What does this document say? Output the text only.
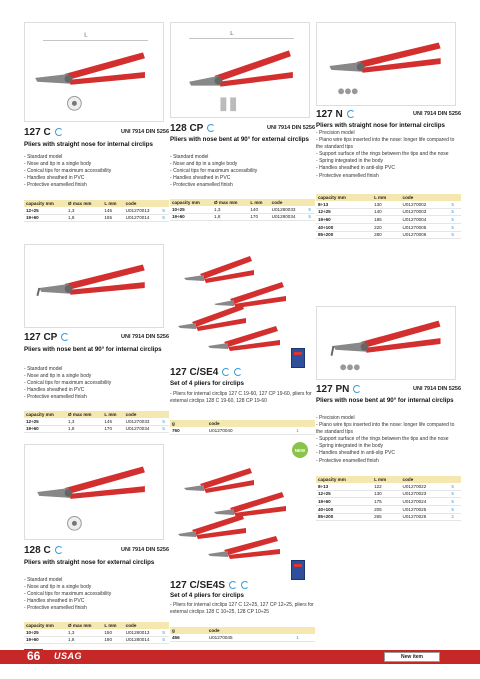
L
127 C	UNI 7914 DIN 5256
Pliers with straight nose for internal circlips
- Standard model
- Nose and tip in a single body
- Conical tips for maximum accessibility
- Handles sheathed in PVC
- Protective enamelled finish
capacity mm	Ø max mm	L mm	code	
12÷25	1,3	145	U01270013	5
19÷60	1,8	165	U01270014	5
127 CP	UNI 7914 DIN 5256
Pliers with nose bent at 90° for internal circlips
- Standard model
- Nose and tip in a single body
- Conical tips for maximum accessibility
- Handles sheathed in PVC
- Protective enamelled finish
capacity mm	Ø max mm	L mm	code	
12÷25	1,3	145	U01270033	5
19÷60	1,8	170	U01270034	5
128 C	UNI 7914 DIN 5256
Pliers with straight nose for external circlips
- Standard model
- Nose and tip in a single body
- Conical tips for maximum accessibility
- Handles sheathed in PVC
- Protective enamelled finish
capacity mm	Ø max mm	L mm	code	
10÷25	1,3	150	U01280013	5
19÷60	1,8	180	U01280014	5
L
128 CP	UNI 7914 DIN 5256
Pliers with nose bent at 90° for external circlips
- Standard model
- Nose and tip in a single body
- Conical tips for maximum accessibility
- Handles sheathed in PVC
- Protective enamelled finish
capacity mm	Ø max mm	L mm	code	
10÷25	1,3	140	U01280033	5
19÷60	1,8	170	U01280034	5
127 C/SE4
Set of 4 pliers for circlips
- Pliers for internal circlips 127 C 19-60, 127 CP 19-60, pliers for external circlips 128 C 19-60, 128 CP 19-60
g	code	
760	U01270040	1
NEW
127 C/SE4S
Set of 4 pliers for circlips
- Pliers for internal circlips 127 C 12÷25, 127 CP 12÷25, pliers for external circlips 128 C 10÷25, 128 CP 10÷25
g	code	
456	U01270045	1
127 N	UNI 7914 DIN 5256
Pliers with straight nose for internal circlips
- Precision model
- Piano wire tips inserted into the nose: longer life compared to the standard tips
- Support surface of the rings between the tips and the nose
- Spring integrated in the body
- Handles sheathed in anti-slip PVC
- Protective enamelled finish
capacity mm	L mm	code	
8÷13	130	U01270002	5
12÷25	140	U01270003	5
19÷60	185	U01270004	5
40÷100	220	U01270005	5
85÷200	280	U01270006	5
127 PN	UNI 7914 DIN 5256
Pliers with nose bent at 90° for internal circlips
- Precision model
- Piano wire tips inserted into the nose: longer life compared to the standard tips
- Support surface of the rings between the tips and the nose
- Spring integrated in the body
- Handles sheathed in anti-slip PVC
- Protective enamelled finish
capacity mm	L mm	code	
8÷13	122	U01270022	5
12÷25	130	U01270023	5
19÷60	175	U01270024	5
40÷100	205	U01270025	5
85÷200	265	U01270026	2
66	USAG	New item
